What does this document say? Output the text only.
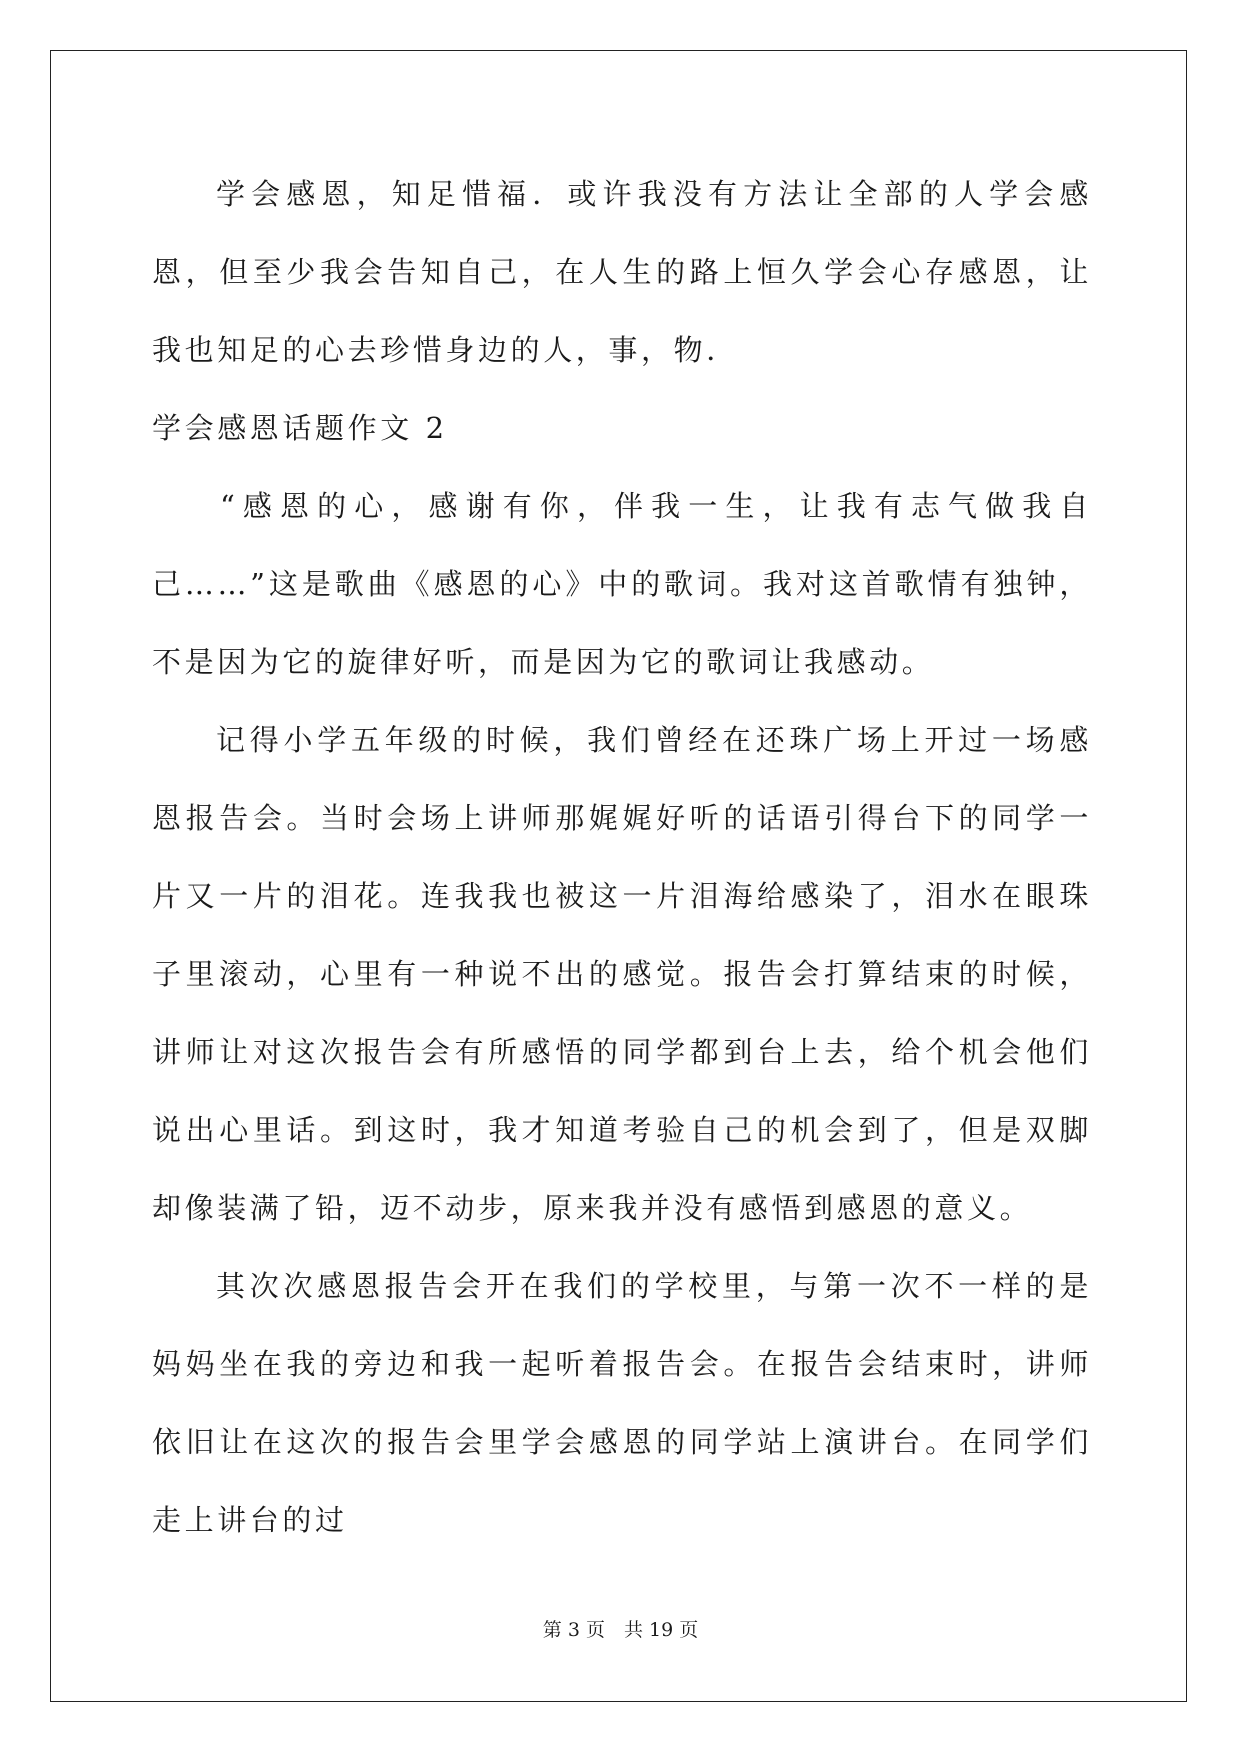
学会感恩，知足惜福．或许我没有方法让全部的人学会感恩，但至少我会告知自己，在人生的路上恒久学会心存感恩，让我也知足的心去珍惜身边的人，事，物．

学会感恩话题作文 2

“感恩的心，感谢有你，伴我一生，让我有志气做我自己……”这是歌曲《感恩的心》中的歌词。我对这首歌情有独钟，不是因为它的旋律好听，而是因为它的歌词让我感动。

记得小学五年级的时候，我们曾经在还珠广场上开过一场感恩报告会。当时会场上讲师那娓娓好听的话语引得台下的同学一片又一片的泪花。连我我也被这一片泪海给感染了，泪水在眼珠子里滚动，心里有一种说不出的感觉。报告会打算结束的时候，讲师让对这次报告会有所感悟的同学都到台上去，给个机会他们说出心里话。到这时，我才知道考验自己的机会到了，但是双脚却像装满了铅，迈不动步，原来我并没有感悟到感恩的意义。

其次次感恩报告会开在我们的学校里，与第一次不一样的是妈妈坐在我的旁边和我一起听着报告会。在报告会结束时，讲师依旧让在这次的报告会里学会感恩的同学站上演讲台。在同学们走上讲台的过

第 3 页　共 19 页
